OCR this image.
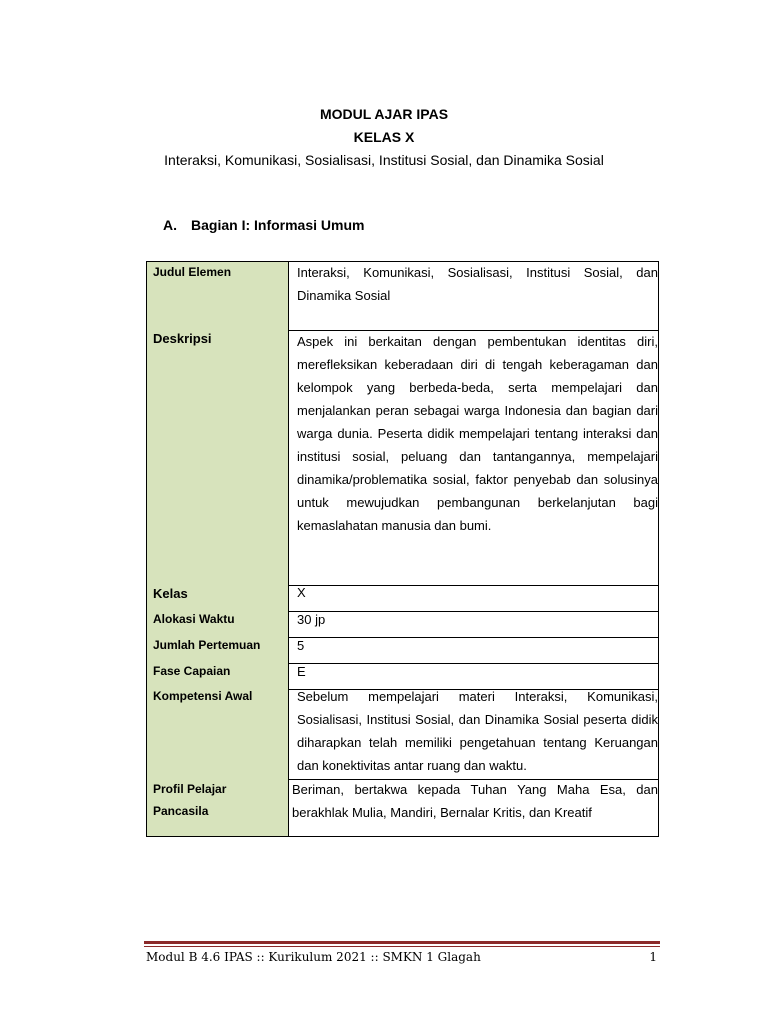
MODUL AJAR IPAS
KELAS X
Interaksi, Komunikasi, Sosialisasi, Institusi Sosial, dan Dinamika Sosial
A. Bagian I: Informasi Umum
Judul Elemen
Deskripsi
Kelas
Alokasi Waktu
Jumlah Pertemuan
Fase Capaian
Kompetensi Awal
Profil Pelajar
Pancasila
Interaksi, Komunikasi, Sosialisasi, Institusi Sosial, dan Dinamika Sosial
Aspek ini berkaitan dengan pembentukan identitas diri, merefleksikan keberadaan diri di tengah keberagaman dan kelompok yang berbeda-beda, serta mempelajari dan menjalankan peran sebagai warga Indonesia dan bagian dari warga dunia. Peserta didik mempelajari tentang interaksi dan institusi sosial, peluang dan tantangannya, mempelajari dinamika/problematika sosial, faktor penyebab dan solusinya untuk mewujudkan pembangunan berkelanjutan bagi kemaslahatan manusia dan bumi.
X
30 jp
5
E
Sebelum mempelajari materi Interaksi, Komunikasi, Sosialisasi, Institusi Sosial, dan Dinamika Sosial peserta didik diharapkan telah memiliki pengetahuan tentang Keruangan dan konektivitas antar ruang dan waktu.
Beriman, bertakwa kepada Tuhan Yang Maha Esa, dan berakhlak Mulia, Mandiri, Bernalar Kritis, dan Kreatif
Modul B 4.6 IPAS :: Kurikulum 2021 :: SMKN 1 Glagah	1
